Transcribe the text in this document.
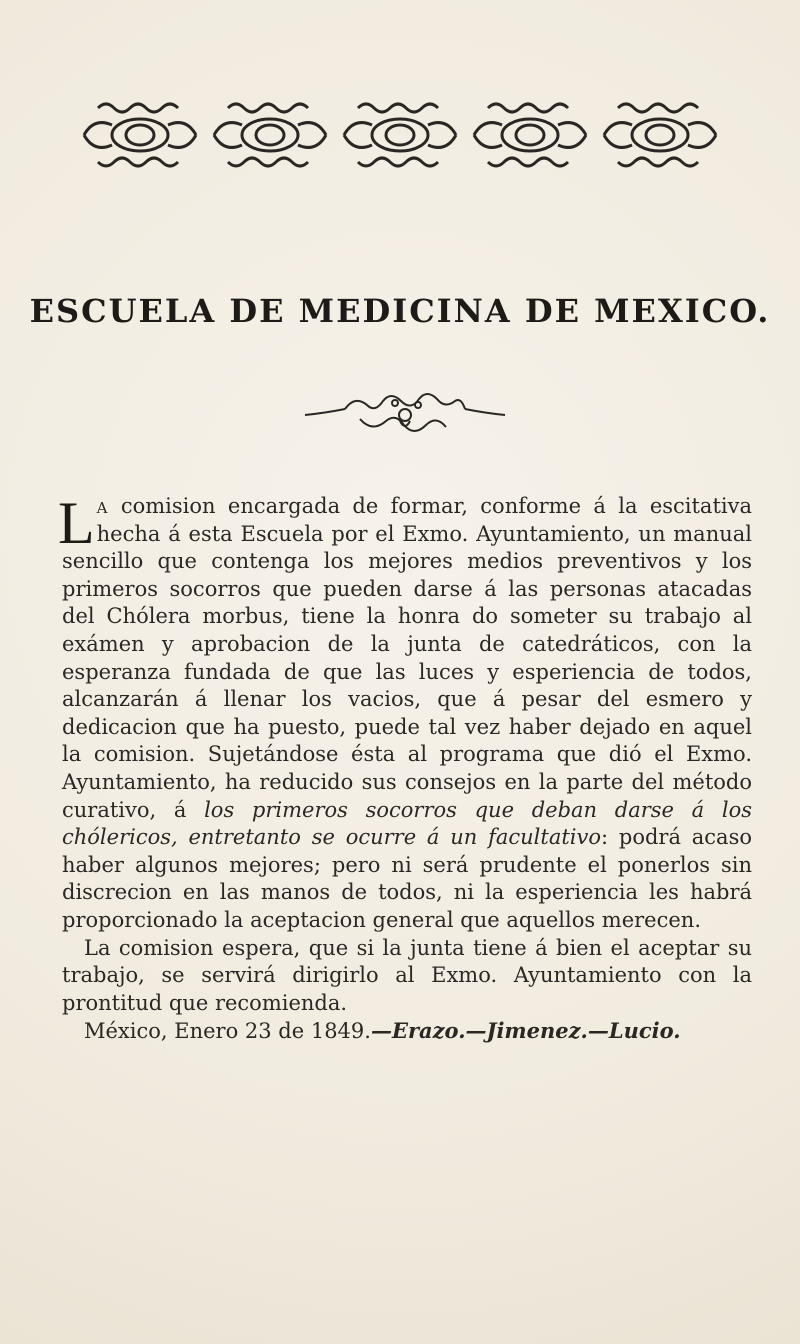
ESCUELA DE MEDICINA DE MEXICO.

La comision encargada de formar, conforme á la escitativa hecha á esta Escuela por el Exmo. Ayuntamiento, un manual sencillo que contenga los mejores medios preventivos y los primeros socorros que pueden darse á las personas atacadas del Chólera morbus, tiene la honra do someter su trabajo al exámen y aprobacion de la junta de catedráticos, con la esperanza fundada de que las luces y esperiencia de todos, alcanzarán á llenar los vacios, que á pesar del esmero y dedicacion que ha puesto, puede tal vez haber dejado en aquel la comision. Sujetándose ésta al programa que dió el Exmo. Ayuntamiento, ha reducido sus consejos en la parte del método curativo, á los primeros socorros que deban darse á los chólericos, entretanto se ocurre á un facultativo: podrá acaso haber algunos mejores; pero ni será prudente el ponerlos sin discrecion en las manos de todos, ni la esperiencia les habrá proporcionado la aceptacion general que aquellos merecen.

La comision espera, que si la junta tiene á bien el aceptar su trabajo, se servirá dirigirlo al Exmo. Ayuntamiento con la prontitud que recomienda.

México, Enero 23 de 1849.—Erazo.—Jimenez.—Lucio.
